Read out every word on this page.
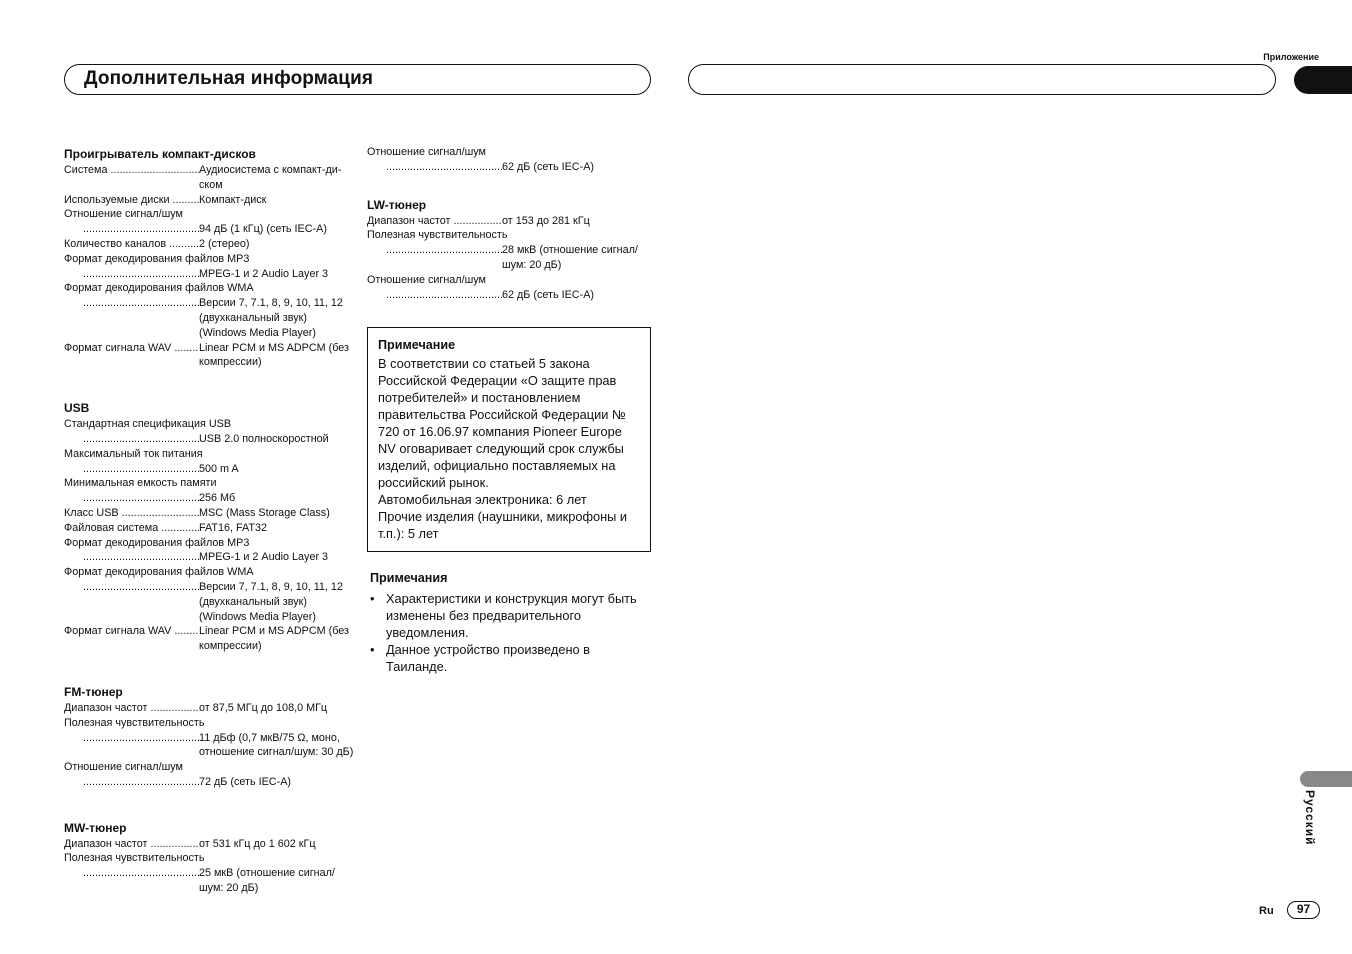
Дополнительная информация
Приложение
Проигрыватель компакт-дисков
Система .....	Аудиосистема с компакт-ди-ском
Используемые диски .....	Компакт-диск
Отношение сигнал/шум
.....
94 дБ (1 кГц) (сеть IEC-A)
Количество каналов .....	2 (стерео)
Формат декодирования файлов MP3
.....
MPEG-1 и 2 Audio Layer 3
Формат декодирования файлов WMA
.....
Версии 7, 7.1, 8, 9, 10, 11, 12 (двухканальный звук) (Windows Media Player)
Формат сигнала WAV .....	Linear PCM и MS ADPCM (без компрессии)
USB
Стандартная спецификация USB
.....
USB 2.0 полноскоростной
Максимальный ток питания
.....
500 m A
Минимальная емкость памяти
.....
256 Мб
Класс USB .....	MSC (Mass Storage Class)
Файловая система .....	FAT16, FAT32
Формат декодирования файлов MP3
.....
MPEG-1 и 2 Audio Layer 3
Формат декодирования файлов WMA
.....
Версии 7, 7.1, 8, 9, 10, 11, 12 (двухканальный звук) (Windows Media Player)
Формат сигнала WAV .....	Linear PCM и MS ADPCM (без компрессии)
FM-тюнер
Диапазон частот .....	от 87,5 МГц до 108,0 МГц
Полезная чувствительность
.....
11 дБф (0,7 мкВ/75 Ω, моно, отношение сигнал/шум: 30 дБ)
Отношение сигнал/шум
.....
72 дБ (сеть IEC-A)
MW-тюнер
Диапазон частот .....	от 531 кГц до 1 602 кГц
Полезная чувствительность
.....
25 мкВ (отношение сигнал/шум: 20 дБ)
Отношение сигнал/шум
.....
62 дБ (сеть IEC-A)
LW-тюнер
Диапазон частот .....	от 153 до 281 кГц
Полезная чувствительность
.....
28 мкВ (отношение сигнал/шум: 20 дБ)
Отношение сигнал/шум
.....
62 дБ (сеть IEC-A)
Примечание
В соответствии со статьей 5 закона Российской Федерации «О защите прав потребителей» и постановлением правительства Российской Федерации № 720 от 16.06.97 компания Pioneer Europe NV оговаривает следующий срок службы изделий, официально поставляемых на российский рынок.
Автомобильная электроника: 6 лет
Прочие изделия (наушники, микрофоны и т.п.): 5 лет
Примечания
• Характеристики и конструкция могут быть изменены без предварительного уведомления.
• Данное устройство произведено в Таиланде.
Русский
Ru	97
